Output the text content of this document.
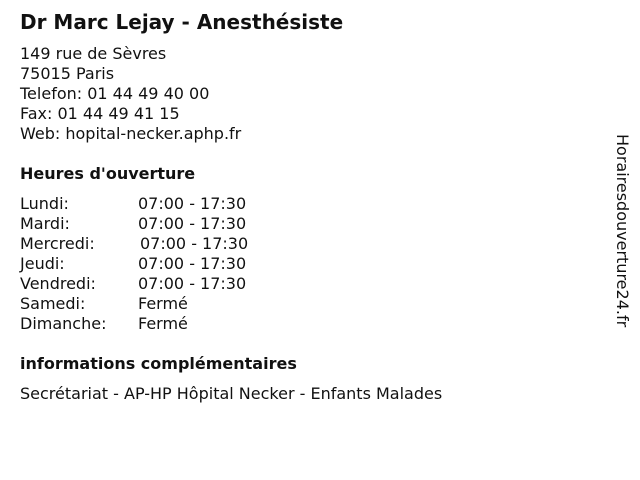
Dr Marc Lejay - Anesthésiste
149 rue de Sèvres
75015 Paris
Telefon: 01 44 49 40 00
Fax: 01 44 49 41 15
Web: hopital-necker.aphp.fr
Heures d'ouverture
Lundi:	07:00 - 17:30
Mardi:	07:00 - 17:30
Mercredi:	07:00 - 17:30
Jeudi:	07:00 - 17:30
Vendredi:	07:00 - 17:30
Samedi:	Fermé
Dimanche: Fermé
informations complémentaires
Secrétariat - AP-HP Hôpital Necker - Enfants Malades
Horairesdouverture24.fr
